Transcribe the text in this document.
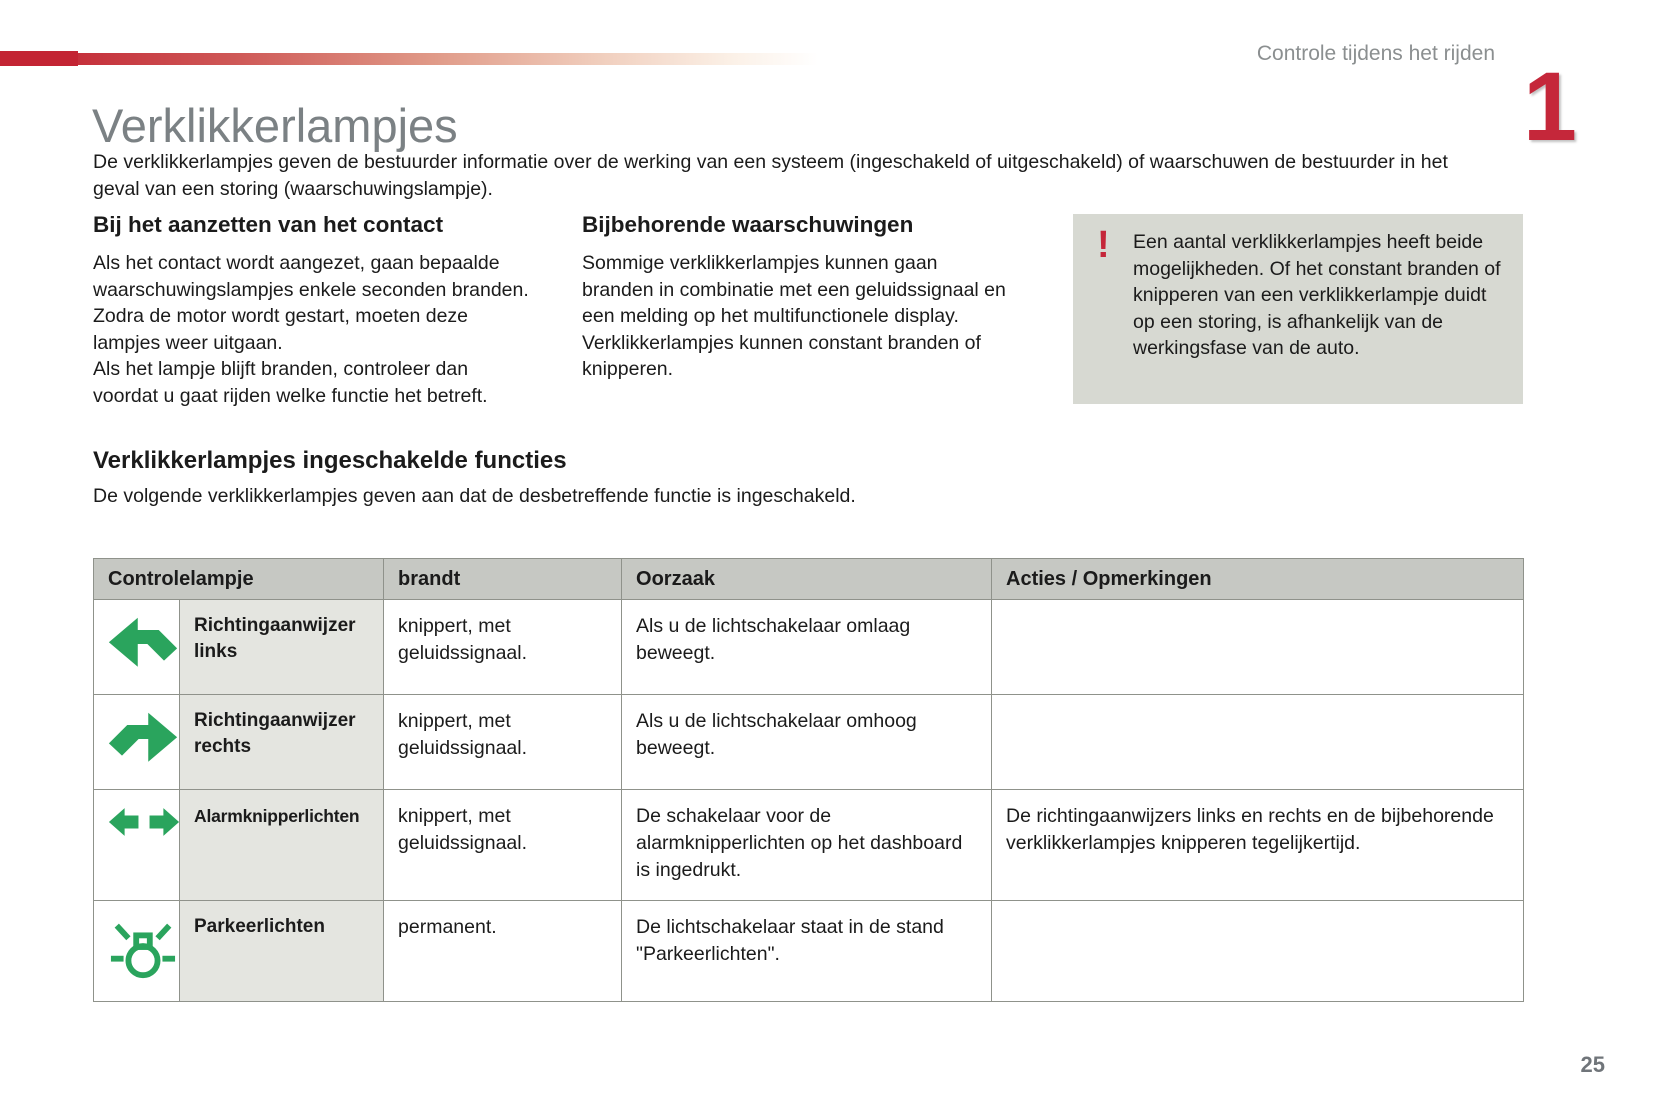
Controle tijdens het rijden 1
Verklikkerlampjes
De verklikkerlampjes geven de bestuurder informatie over de werking van een systeem (ingeschakeld of uitgeschakeld) of waarschuwen de bestuurder in het geval van een storing (waarschuwingslampje).
Bij het aanzetten van het contact

Als het contact wordt aangezet, gaan bepaalde waarschuwingslampjes enkele seconden branden.

Zodra de motor wordt gestart, moeten deze lampjes weer uitgaan.

Als het lampje blijft branden, controleer dan voordat u gaat rijden welke functie het betreft.

Bijbehorende waarschuwingen
Sommige verklikkerlampjes kunnen gaan branden in combinatie met een geluidssignaal en een melding op het multifunctionele display. Verklikkerlampjes kunnen constant branden of knipperen.
! Een aantal verklikkerlampjes heeft beide mogelijkheden. Of het constant branden of knipperen van een verklikkerlampje duidt op een storing, is afhankelijk van de werkingsfase van de auto.
Verklikkerlampjes ingeschakelde functies
De volgende verklikkerlampjes geven aan dat de desbetreffende functie is ingeschakeld.
Controlelampje		brandt	Oorzaak	Acties / Opmerkingen
	Richtingaanwijzer links	knippert, met geluidssignaal.	Als u de lichtschakelaar omlaag beweegt.	
	Richtingaanwijzer rechts	knippert, met geluidssignaal.	Als u de lichtschakelaar omhoog beweegt.	
	Alarmknipperlichten	knippert, met geluidssignaal.	De schakelaar voor de alarmknipperlichten op het dashboard is ingedrukt.	De richtingaanwijzers links en rechts en de bijbehorende verklikkerlampjes knipperen tegelijkertijd.
	Parkeerlichten	permanent.	De lichtschakelaar staat in de stand "Parkeerlichten".	
25
